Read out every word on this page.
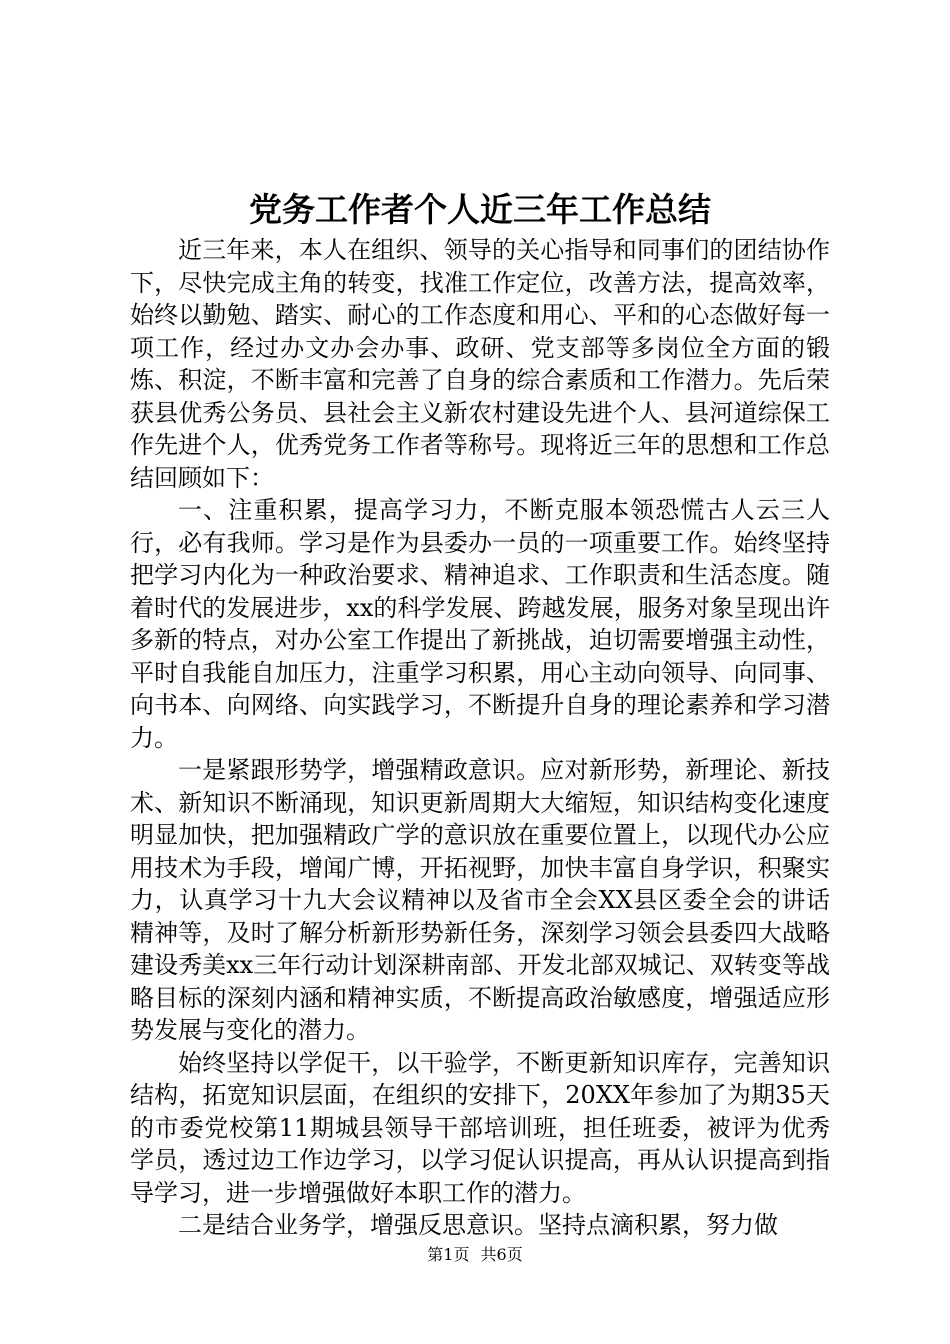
党务工作者个人近三年工作总结

近三年来，本人在组织、领导的关心指导和同事们的团结协作下，尽快完成主角的转变，找准工作定位，改善方法，提高效率，始终以勤勉、踏实、耐心的工作态度和用心、平和的心态做好每一项工作，经过办文办会办事、政研、党支部等多岗位全方面的锻炼、积淀，不断丰富和完善了自身的综合素质和工作潜力。先后荣获县优秀公务员、县社会主义新农村建设先进个人、县河道综保工作先进个人，优秀党务工作者等称号。现将近三年的思想和工作总结回顾如下：

一、注重积累，提高学习力，不断克服本领恐慌古人云三人行，必有我师。学习是作为县委办一员的一项重要工作。始终坚持把学习内化为一种政治要求、精神追求、工作职责和生活态度。随着时代的发展进步，xx的科学发展、跨越发展，服务对象呈现出许多新的特点，对办公室工作提出了新挑战，迫切需要增强主动性，平时自我能自加压力，注重学习积累，用心主动向领导、向同事、向书本、向网络、向实践学习，不断提升自身的理论素养和学习潜力。

一是紧跟形势学，增强精政意识。应对新形势，新理论、新技术、新知识不断涌现，知识更新周期大大缩短，知识结构变化速度明显加快，把加强精政广学的意识放在重要位置上，以现代办公应用技术为手段，增闻广博，开拓视野，加快丰富自身学识，积聚实力，认真学习十九大会议精神以及省市全会XX县区委全会的讲话精神等，及时了解分析新形势新任务，深刻学习领会县委四大战略建设秀美xx三年行动计划深耕南部、开发北部双城记、双转变等战略目标的深刻内涵和精神实质，不断提高政治敏感度，增强适应形势发展与变化的潜力。

始终坚持以学促干，以干验学，不断更新知识库存，完善知识结构，拓宽知识层面，在组织的安排下，20XX年参加了为期35天的市委党校第11期城县领导干部培训班，担任班委，被评为优秀学员，透过边工作边学习，以学习促认识提高，再从认识提高到指导学习，进一步增强做好本职工作的潜力。

二是结合业务学，增强反思意识。坚持点滴积累，努力做

第1页 共6页
